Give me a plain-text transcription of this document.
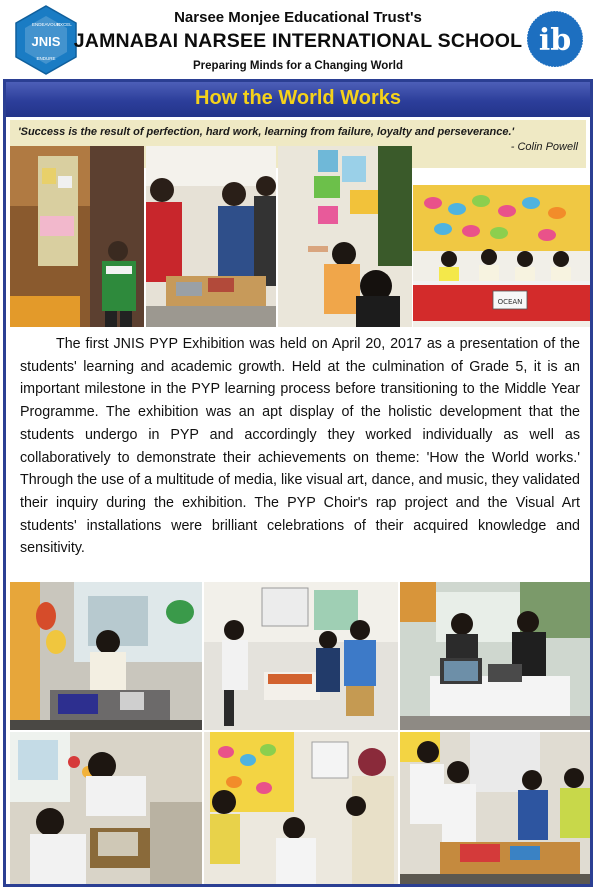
JNIS
ENDEAVOUR
EXCEL
ENDURE
Narsee Monjee Educational Trust's
JAMNABAI NARSEE INTERNATIONAL SCHOOL
Preparing Minds for a Changing World
ib
How the World Works
'Success is the result of perfection, hard work, learning from failure, loyalty and perseverance.'
- Colin Powell
OCEAN

The first JNIS PYP Exhibition was held on April 20, 2017 as a presentation of the students' learning and academic growth. Held at the culmination of Grade 5, it is an important milestone in the PYP learning process before transitioning to the Middle Year Programme. The exhibition was an apt display of the holistic development that the students undergo in PYP and accordingly they worked individually as well as collaboratively to demonstrate their achievements on theme: 'How the World works.' Through the use of a multitude of media, like visual art, dance, and music, they validated their inquiry during the exhibition. The PYP Choir's rap project and the Visual Art students' installations were brilliant celebrations of their acquired knowledge and sensitivity.
